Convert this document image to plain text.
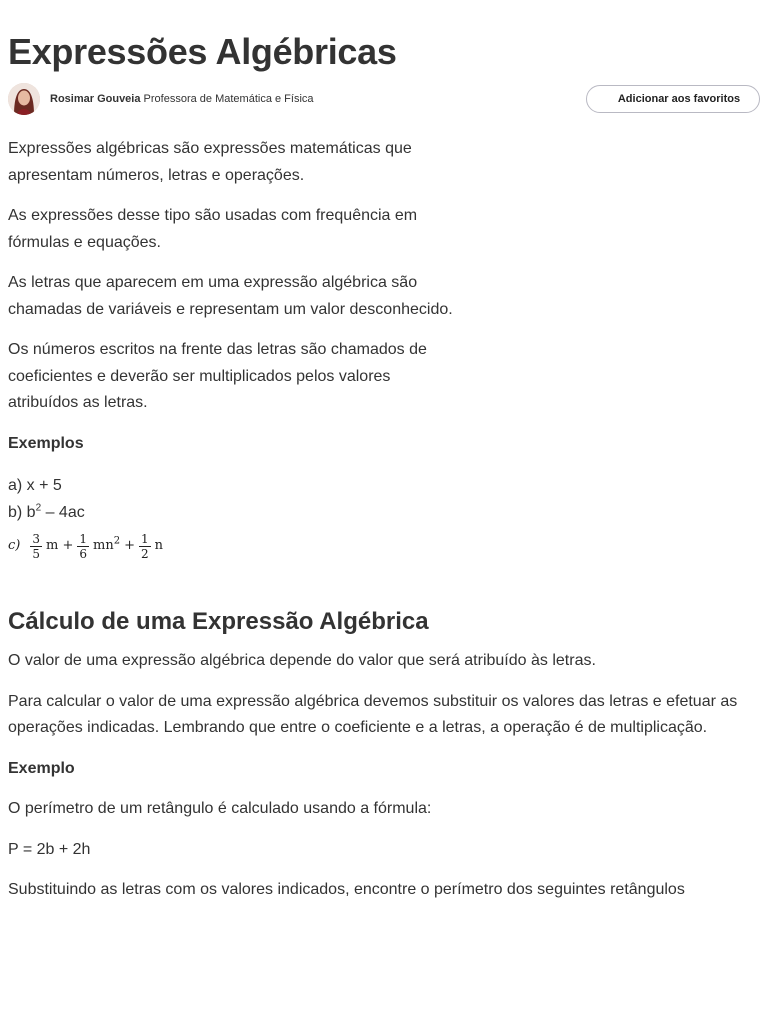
Expressões Algébricas
Rosimar Gouveia Professora de Matemática e Física	Adicionar aos favoritos

Expressões algébricas são expressões matemáticas que apresentam números, letras e operações.

As expressões desse tipo são usadas com frequência em fórmulas e equações.

As letras que aparecem em uma expressão algébrica são chamadas de variáveis e representam um valor desconhecido.

Os números escritos na frente das letras são chamados de coeficientes e deverão ser multiplicados pelos valores atribuídos as letras.

Exemplos

a) x + 5
b) $b^2 - 4ac$
$c) \frac{3}{5}$ $m + \frac{1}{6} mn^2 + \frac{1}{2}$ n
Cálculo de uma Expressão Algébrica

O valor de uma expressão algébrica depende do valor que será atribuído às letras.

Para calcular o valor de uma expressão algébrica devemos substituir os valores das letras e efetuar as operações indicadas. Lembrando que entre o coeficiente e a letras, a operação é de multiplicação.

Exemplo

O perímetro de um retângulo é calculado usando a fórmula:

P = 2b + 2h

Substituindo as letras com os valores indicados, encontre o perímetro dos seguintes retângulos
